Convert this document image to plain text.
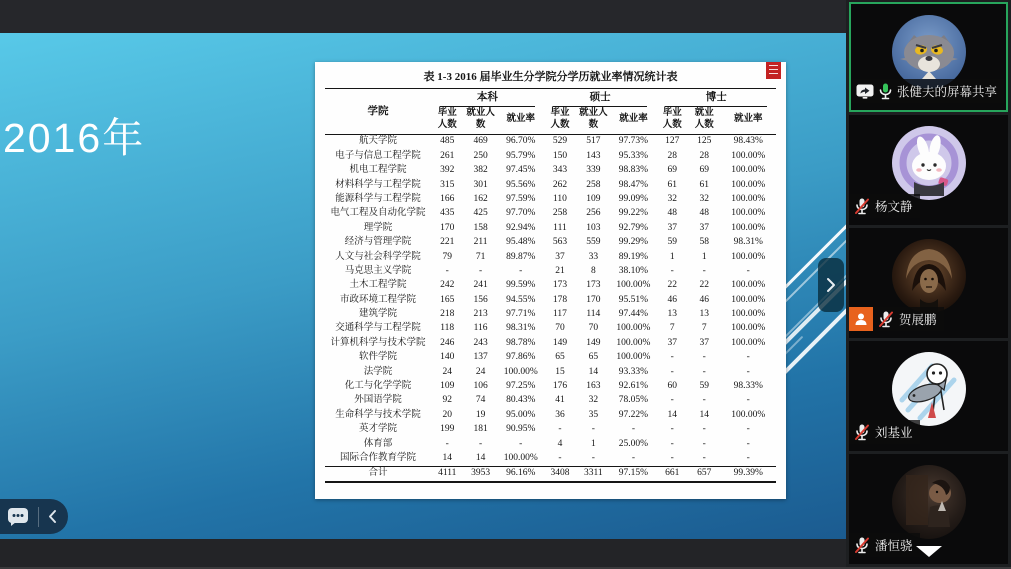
2016年
表 1-3 2016 届毕业生分学院分学历就业率情况统计表
学院	本科			硕士			博士		

	毕业人数	就业人数	就业率	毕业人数	就业人数	就业率	毕业人数	就业人数	就业率
航天学院	485	469	96.70%	529	517	97.73%	127	125	98.43%
电子与信息工程学院	261	250	95.79%	150	143	95.33%	28	28	100.00%
机电工程学院	392	382	97.45%	343	339	98.83%	69	69	100.00%
材料科学与工程学院	315	301	95.56%	262	258	98.47%	61	61	100.00%
能源科学与工程学院	166	162	97.59%	110	109	99.09%	32	32	100.00%
电气工程及自动化学院	435	425	97.70%	258	256	99.22%	48	48	100.00%
理学院	170	158	92.94%	111	103	92.79%	37	37	100.00%
经济与管理学院	221	211	95.48%	563	559	99.29%	59	58	98.31%
人文与社会科学学院	79	71	89.87%	37	33	89.19%	1	1	100.00%
马克思主义学院	-	-	-	21	8	38.10%	-	-	-
土木工程学院	242	241	99.59%	173	173	100.00%	22	22	100.00%
市政环境工程学院	165	156	94.55%	178	170	95.51%	46	46	100.00%
建筑学院	218	213	97.71%	117	114	97.44%	13	13	100.00%
交通科学与工程学院	118	116	98.31%	70	70	100.00%	7	7	100.00%
计算机科学与技术学院	246	243	98.78%	149	149	100.00%	37	37	100.00%
软件学院	140	137	97.86%	65	65	100.00%	-	-	-
法学院	24	24	100.00%	15	14	93.33%	-	-	-
化工与化学学院	109	106	97.25%	176	163	92.61%	60	59	98.33%
外国语学院	92	74	80.43%	41	32	78.05%	-	-	-
生命科学与技术学院	20	19	95.00%	36	35	97.22%	14	14	100.00%
英才学院	199	181	90.95%	-	-	-	-	-	-
体育部	-	-	-	4	1	25.00%	-	-	-
国际合作教育学院	14	14	100.00%	-	-	-	-	-	-
合计	4111	3953	96.16%	3408	3311	97.15%	661	657	99.39%
张健夫的屏幕共享
杨文静
贺展鹏
刘基业
潘恒骁
